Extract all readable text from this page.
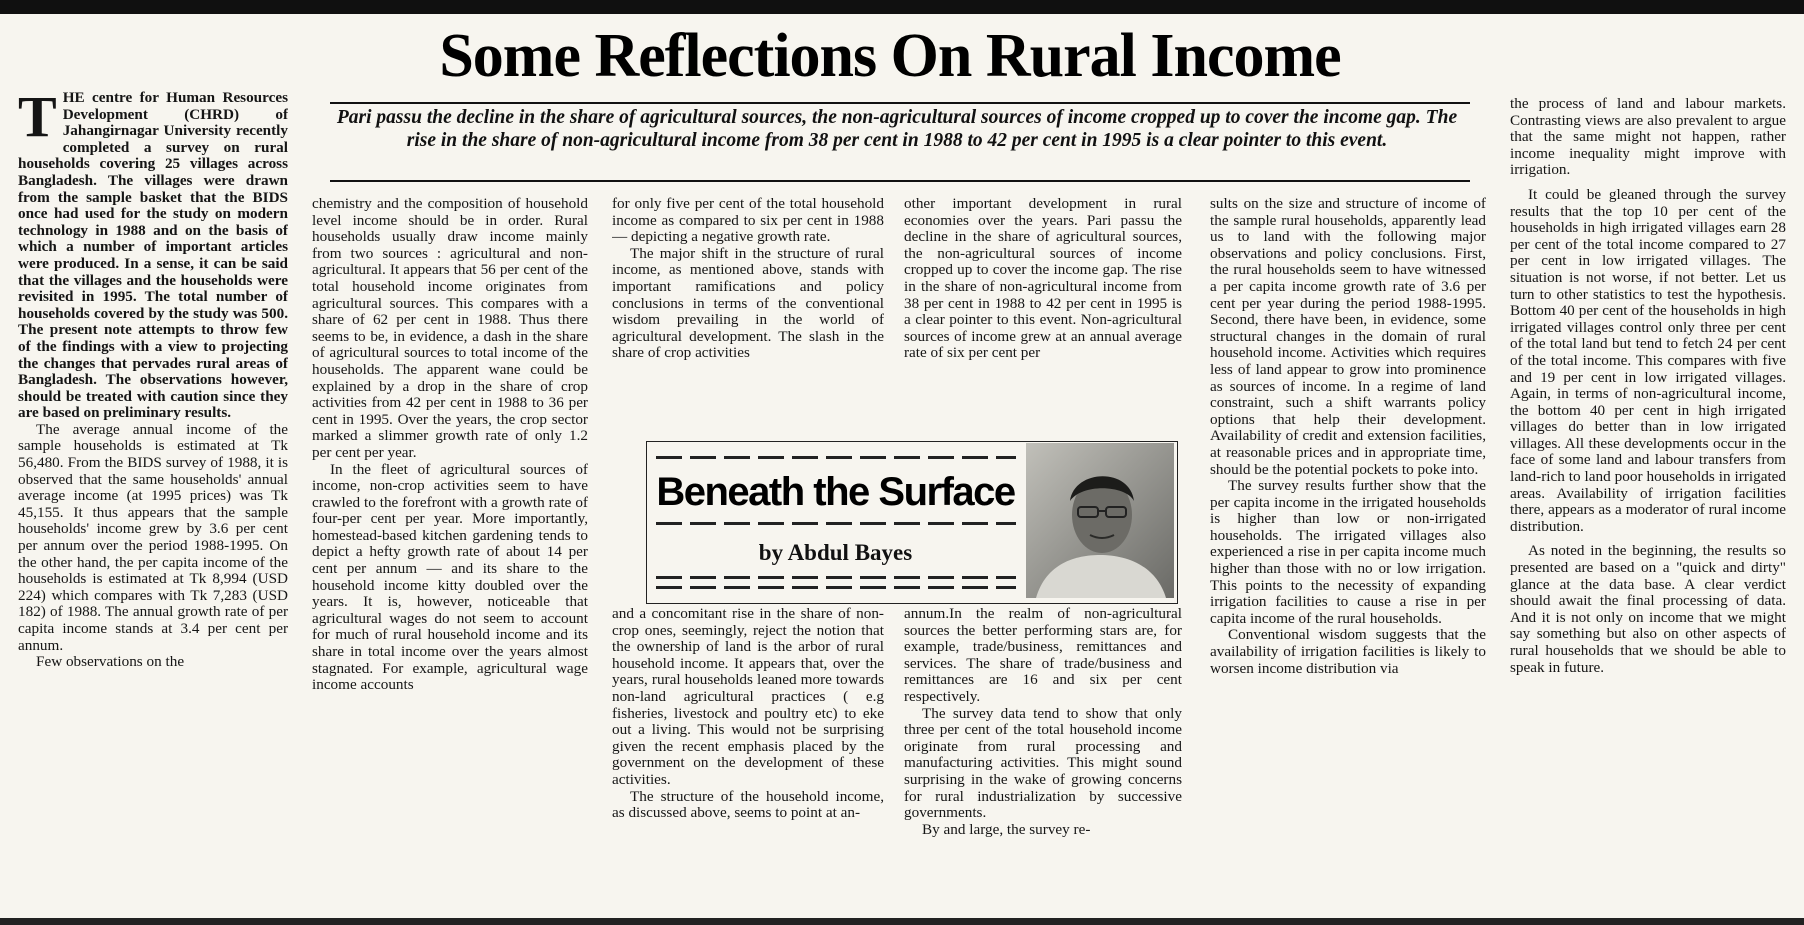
Some Reflections On Rural Income
Pari passu the decline in the share of agricultural sources, the non-agricultural sources of income cropped up to cover the income gap. The rise in the share of non-agricultural income from 38 per cent in 1988 to 42 per cent in 1995 is a clear pointer to this event.
T HE centre for Human Resources Development (CHRD) of Jahangirnagar University recently completed a survey on rural households covering 25 villages across Bangladesh. The villages were drawn from the sample basket that the BIDS once had used for the study on modern technology in 1988 and on the basis of which a number of important articles were produced. In a sense, it can be said that the villages and the households were revisited in 1995. The total number of households covered by the study was 500. The present note attempts to throw few of the findings with a view to projecting the changes that pervades rural areas of Bangladesh. The observations however, should be treated with caution since they are based on preliminary results.

The average annual income of the sample households is estimated at Tk 56,480. From the BIDS survey of 1988, it is observed that the same households' annual average income (at 1995 prices) was Tk 45,155. It thus appears that the sample households' income grew by 3.6 per cent per annum over the period 1988-1995. On the other hand, the per capita income of the households is estimated at Tk 8,994 (USD 224) which compares with Tk 7,283 (USD 182) of 1988. The annual growth rate of per capita income stands at 3.4 per cent per annum.

Few observations on the

chemistry and the composition of household level income should be in order. Rural households usually draw income mainly from two sources : agricultural and non-agricultural. It appears that 56 per cent of the total household income originates from agricultural sources. This compares with a share of 62 per cent in 1988. Thus there seems to be, in evidence, a dash in the share of agricultural sources to total income of the households. The apparent wane could be explained by a drop in the share of crop activities from 42 per cent in 1988 to 36 per cent in 1995. Over the years, the crop sector marked a slimmer growth rate of only 1.2 per cent per year.

In the fleet of agricultural sources of income, non-crop activities seem to have crawled to the forefront with a growth rate of four-per cent per year. More importantly, homestead-based kitchen gardening tends to depict a hefty growth rate of about 14 per cent per annum — and its share to the household income kitty doubled over the years. It is, however, noticeable that agricultural wages do not seem to account for much of rural household income and its share in total income over the years almost stagnated. For example, agricultural wage income accounts

for only five per cent of the total household income as compared to six per cent in 1988 — depicting a negative growth rate.

The major shift in the structure of rural income, as mentioned above, stands with important ramifications and policy conclusions in terms of the conventional wisdom prevailing in the world of agricultural development. The slash in the share of crop activities

other important development in rural economies over the years. Pari passu the decline in the share of agricultural sources, the non-agricultural sources of income cropped up to cover the income gap. The rise in the share of non-agricultural income from 38 per cent in 1988 to 42 per cent in 1995 is a clear pointer to this event. Non-agricultural sources of income grew at an annual average rate of six per cent per

Beneath the Surface
by Abdul Bayes

and a concomitant rise in the share of non-crop ones, seemingly, reject the notion that the ownership of land is the arbor of rural household income. It appears that, over the years, rural households leaned more towards non-land agricultural practices ( e.g fisheries, livestock and poultry etc) to eke out a living. This would not be surprising given the recent emphasis placed by the government on the development of these activities.

The structure of the household income, as discussed above, seems to point at an-

annum.In the realm of non-agricultural sources the better performing stars are, for example, trade/business, remittances and services. The share of trade/business and remittances are 16 and six per cent respectively.

The survey data tend to show that only three per cent of the total household income originate from rural processing and manufacturing activities. This might sound surprising in the wake of growing concerns for rural industrialization by successive governments.

By and large, the survey re-

sults on the size and structure of income of the sample rural households, apparently lead us to land with the following major observations and policy conclusions. First, the rural households seem to have witnessed a per capita income growth rate of 3.6 per cent per year during the period 1988-1995. Second, there have been, in evidence, some structural changes in the domain of rural household income. Activities which requires less of land appear to grow into prominence as sources of income. In a regime of land constraint, such a shift warrants policy options that help their development. Availability of credit and extension facilities, at reasonable prices and in appropriate time, should be the potential pockets to poke into.

The survey results further show that the per capita income in the irrigated households is higher than low or non-irrigated households. The irrigated villages also experienced a rise in per capita income much higher than those with no or low irrigation. This points to the necessity of expanding irrigation facilities to cause a rise in per capita income of the rural households.

Conventional wisdom suggests that the availability of irrigation facilities is likely to worsen income distribution via

the process of land and labour markets. Contrasting views are also prevalent to argue that the same might not happen, rather income inequality might improve with irrigation.

It could be gleaned through the survey results that the top 10 per cent of the households in high irrigated villages earn 28 per cent of the total income compared to 27 per cent in low irrigated villages. The situation is not worse, if not better. Let us turn to other statistics to test the hypothesis. Bottom 40 per cent of the households in high irrigated villages control only three per cent of the total land but tend to fetch 24 per cent of the total income. This compares with five and 19 per cent in low irrigated villages. Again, in terms of non-agricultural income, the bottom 40 per cent in high irrigated villages do better than in low irrigated villages. All these developments occur in the face of some land and labour transfers from land-rich to land poor households in irrigated areas. Availability of irrigation facilities there, appears as a moderator of rural income distribution.

As noted in the beginning, the results so presented are based on a "quick and dirty" glance at the data base. A clear verdict should await the final processing of data. And it is not only on income that we might say something but also on other aspects of rural households that we should be able to speak in future.
